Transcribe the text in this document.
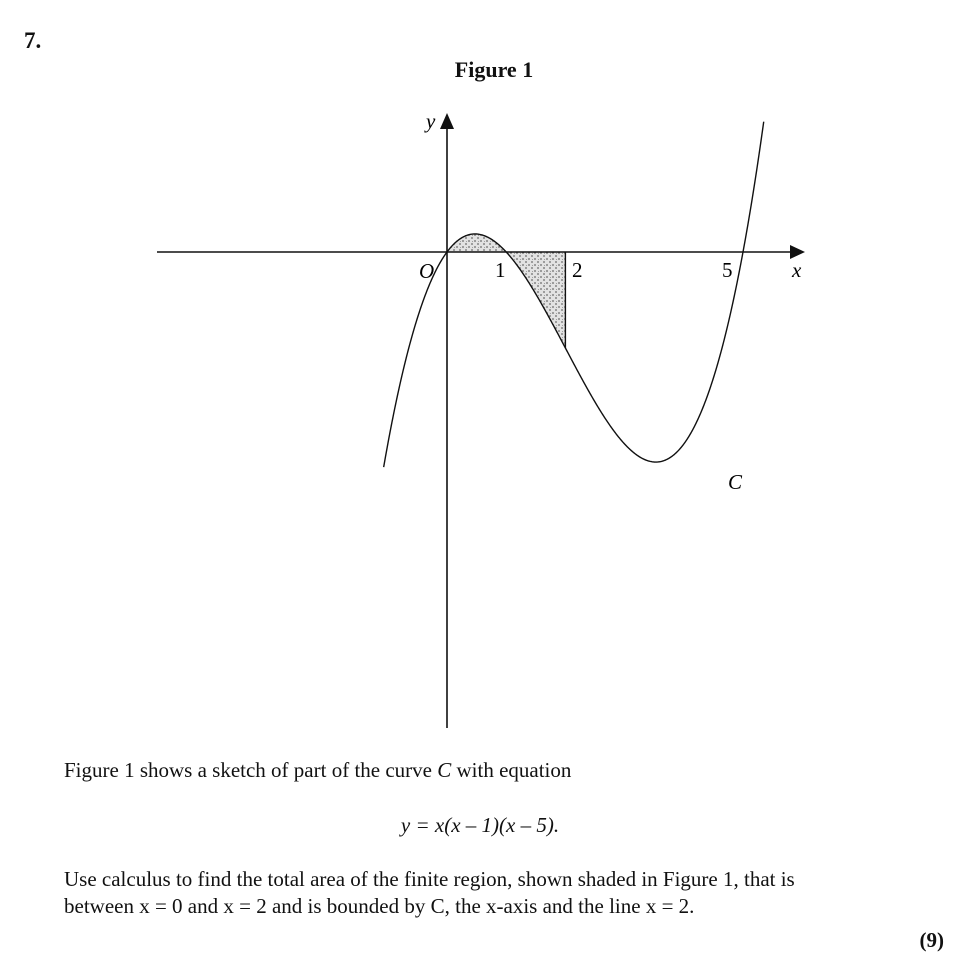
7.
Figure 1
y
x
O	1	2	5
C
Figure 1 shows a sketch of part of the curve C with equation
y = x(x – 1)(x – 5).
Use calculus to find the total area of the finite region, shown shaded in Figure 1, that is
between x = 0 and x = 2 and is bounded by C, the x-axis and the line x = 2.
(9)
